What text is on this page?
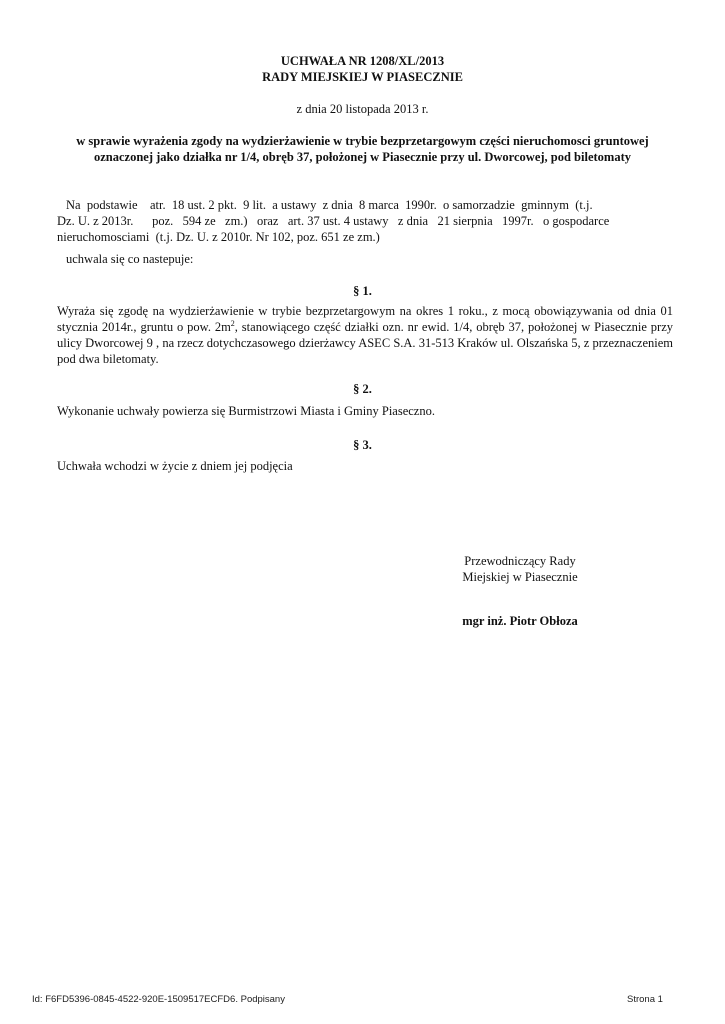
UCHWAŁA NR 1208/XL/2013
RADY MIEJSKIEJ W PIASECZNIE
z dnia 20 listopada 2013 r.
w sprawie wyrażenia zgody na wydzierżawienie w trybie bezprzetargowym części nieruchomosci gruntowej
oznaczonej jako działka nr 1/4, obręb 37, położonej w Piasecznie przy ul. Dworcowej, pod biletomaty
Na  podstawie    atr.  18 ust. 2 pkt.  9 lit.  a ustawy  z dnia  8 marca  1990r.  o samorzadzie  gminnym  (t.j.
Dz. U. z 2013r.      poz.   594 ze   zm.)   oraz   art. 37 ust. 4 ustawy   z dnia   21 sierpnia   1997r.   o gospodarce
nieruchomosciami  (t.j. Dz. U. z 2010r. Nr 102, poz. 651 ze zm.)
uchwala się co nastepuje:
§ 1.
Wyraża się zgodę na wydzierżawienie w trybie bezprzetargowym na okres 1 roku., z mocą obowiązywania od dnia 01 stycznia 2014r., gruntu o pow. $2m^2$, stanowiącego część działki ozn. nr ewid. 1/4, obręb 37, położonej w Piasecznie przy ulicy Dworcowej 9 , na rzecz dotychczasowego dzierżawcy ASEC S.A. 31-513 Kraków ul. Olszańska 5, z przeznaczeniem pod dwa biletomaty.
§ 2.
Wykonanie uchwały powierza się Burmistrzowi Miasta i Gminy Piaseczno.
§ 3.
Uchwała wchodzi w życie z dniem jej podjęcia
Przewodniczący Rady
Miejskiej w Piasecznie
mgr inż. Piotr Obłoza
Id: F6FD5396-0845-4522-920E-1509517ECFD6. Podpisany	Strona 1
